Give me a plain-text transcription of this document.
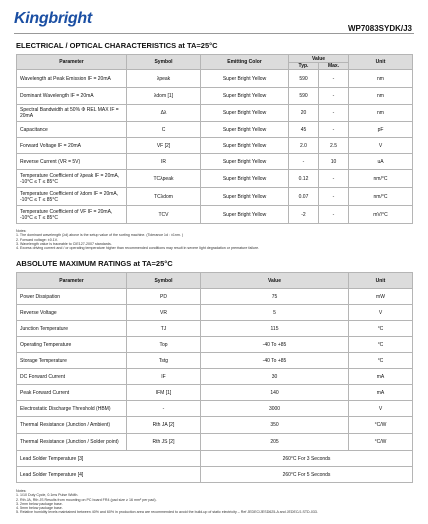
Kingbright
WP7083SYDK/J3
ELECTRICAL / OPTICAL CHARACTERISTICS at TA=25°C
Parameter	Symbol	Emitting Color	Value		Unit
			Typ.	Max.	
Wavelength at Peak Emission IF = 20mA	λpeak	Super Bright Yellow	590	-	nm
Dominant Wavelength IF = 20mA	λdom [1]	Super Bright Yellow	590	-	nm
Spectral Bandwidth at 50% Φ REL MAX IF = 20mA	Δλ	Super Bright Yellow	20	-	nm
Capacitance	C	Super Bright Yellow	45	-	pF
Forward Voltage IF = 20mA	VF [2]	Super Bright Yellow	2.0	2.5	V
Reverse Current (VR = 5V)	IR	Super Bright Yellow	-	10	uA
Temperature Coefficient of λpeak IF = 20mA, -10°C ≤ T ≤ 85°C	TCλpeak	Super Bright Yellow	0.12	-	nm/°C
Temperature Coefficient of λdom IF = 20mA, -10°C ≤ T ≤ 85°C	TCλdom	Super Bright Yellow	0.07	-	nm/°C
Temperature Coefficient of VF IF = 20mA, -10°C ≤ T ≤ 85°C	TCV	Super Bright Yellow	-2	-	mV/°C
Notes:
1. The dominant wavelength (λd) above is the setup value of the sorting machine. (Tolerance λd : ±1nm. )
2. Forward voltage: ±0.1V.
3. Wavelength value is traceable to CIE127-2007 standards.
4. Excess driving current and / or operating temperature higher than recommended conditions may result in severe light degradation or premature failure.
ABSOLUTE MAXIMUM RATINGS at TA=25°C
Parameter	Symbol	Value	Unit
Power Dissipation	PD	75	mW
Reverse Voltage	VR	5	V
Junction Temperature	TJ	115	°C
Operating Temperature	Top	-40 To +85	°C
Storage Temperature	Tstg	-40 To +85	°C
DC Forward Current	IF	30	mA
Peak Forward Current	IFM [1]	140	mA
Electrostatic Discharge Threshold (HBM)	-	3000	V
Thermal Resistance (Junction / Ambient)	Rth JA [2]	350	°C/W
Thermal Resistance (Junction / Solder point)	Rth JS [2]	205	°C/W
Lead Solder Temperature [3]		260°C For 3 Seconds	
Lead Solder Temperature [4]		260°C For 5 Seconds	
Notes:
1. 1/10 Duty Cycle, 0.1ms Pulse Width.
2. Rth JA, Rth JS Results from mounting on PC board FR4 (pad size ≥ 16 mm² per pad).
3. 2mm below package base.
4. 5mm below package base.
5. Relative humidity levels maintained between 40% and 60% in production area are recommended to avoid the build-up of static electricity – Ref JEDEC/JESD625-A and JEDEC/J-STD-033.
